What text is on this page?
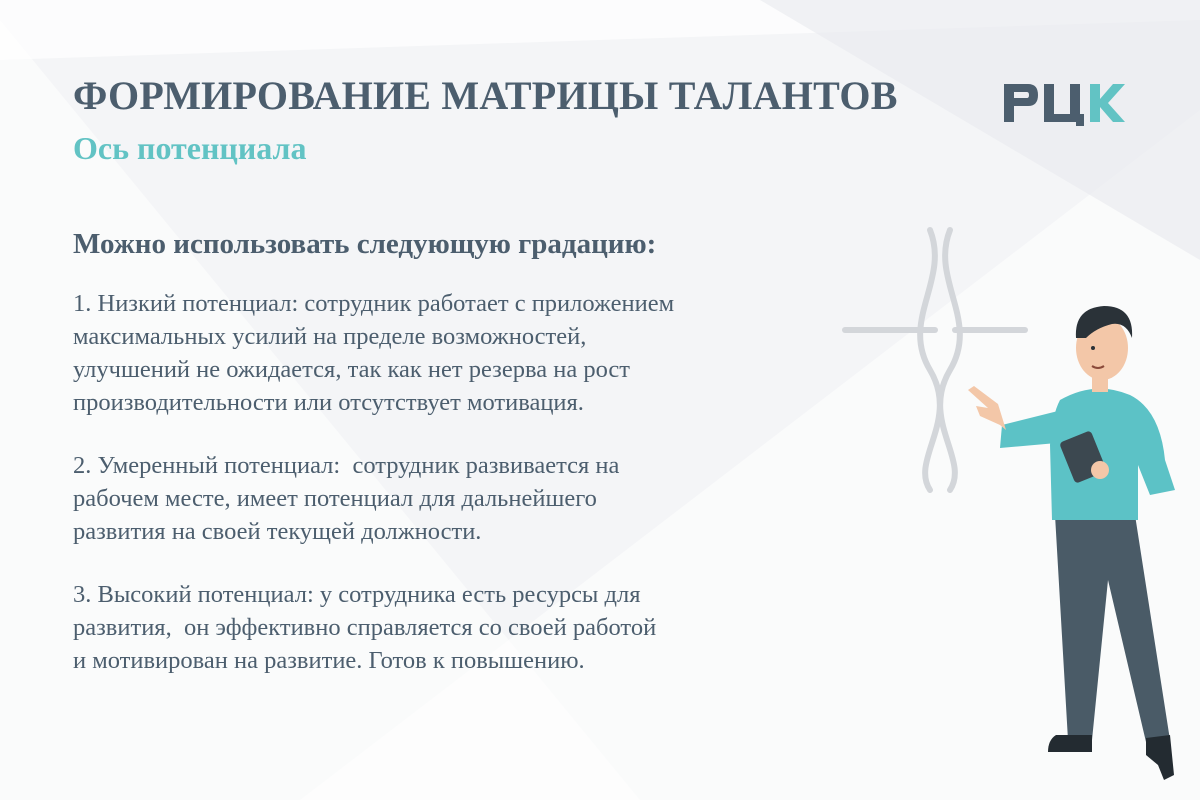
ФОРМИРОВАНИЕ МАТРИЦЫ ТАЛАНТОВ
Ось потенциала
Можно использовать следующую градацию:

1. Низкий потенциал: сотрудник работает с приложением
максимальных усилий на пределе возможностей,
улучшений не ожидается, так как нет резерва на рост
производительности или отсутствует мотивация.

2. Умеренный потенциал:  сотрудник развивается на
рабочем месте, имеет потенциал для дальнейшего
развития на своей текущей должности.

3. Высокий потенциал: у сотрудника есть ресурсы для
развития,  он эффективно справляется со своей работой
и мотивирован на развитие. Готов к повышению.
